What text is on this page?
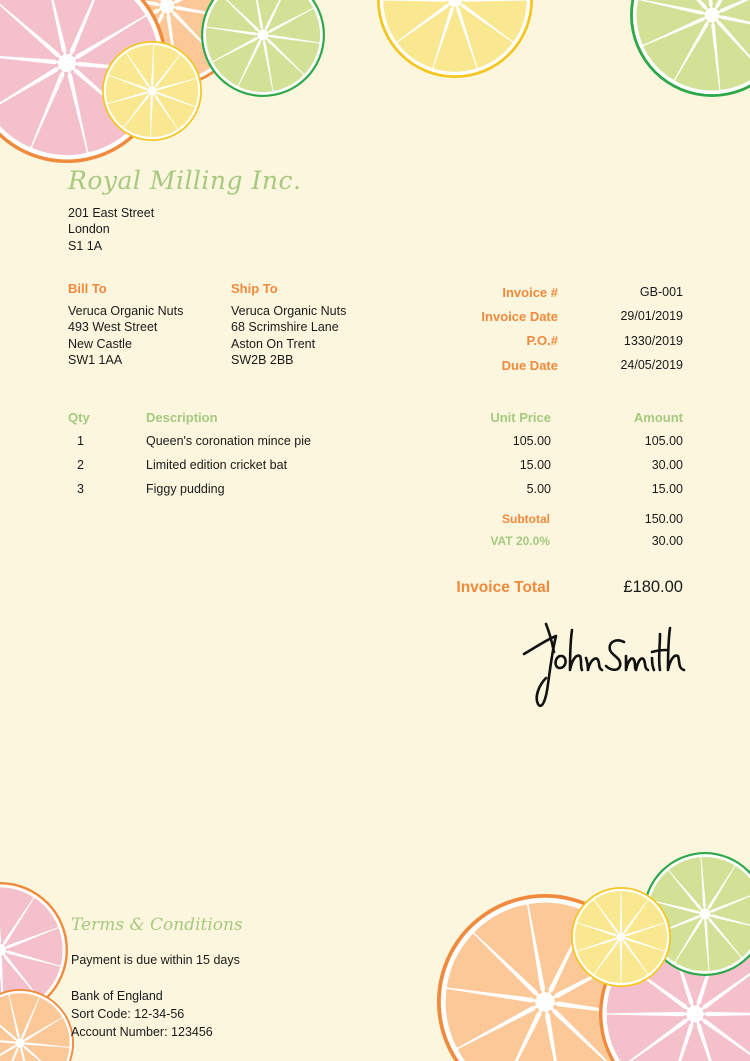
Royal Milling Inc.
201 East Street
London
S1 1A
Bill To
Veruca Organic Nuts
493 West Street
New Castle
SW1 1AA
Ship To
Veruca Organic Nuts
68 Scrimshire Lane
Aston On Trent
SW2B 2BB
Invoice #	GB-001
Invoice Date	29/01/2019
P.O.#	1330/2019
Due Date	24/05/2019
Qty	Description	Unit Price	Amount
1	Queen's coronation mince pie	105.00	105.00
2	Limited edition cricket bat	15.00	30.00
3	Figgy pudding	5.00	15.00
Subtotal	150.00
VAT 20.0%	30.00
Invoice Total	£180.00
Terms & Conditions
Payment is due within 15 days
Bank of England
Sort Code: 12-34-56
Account Number: 123456
